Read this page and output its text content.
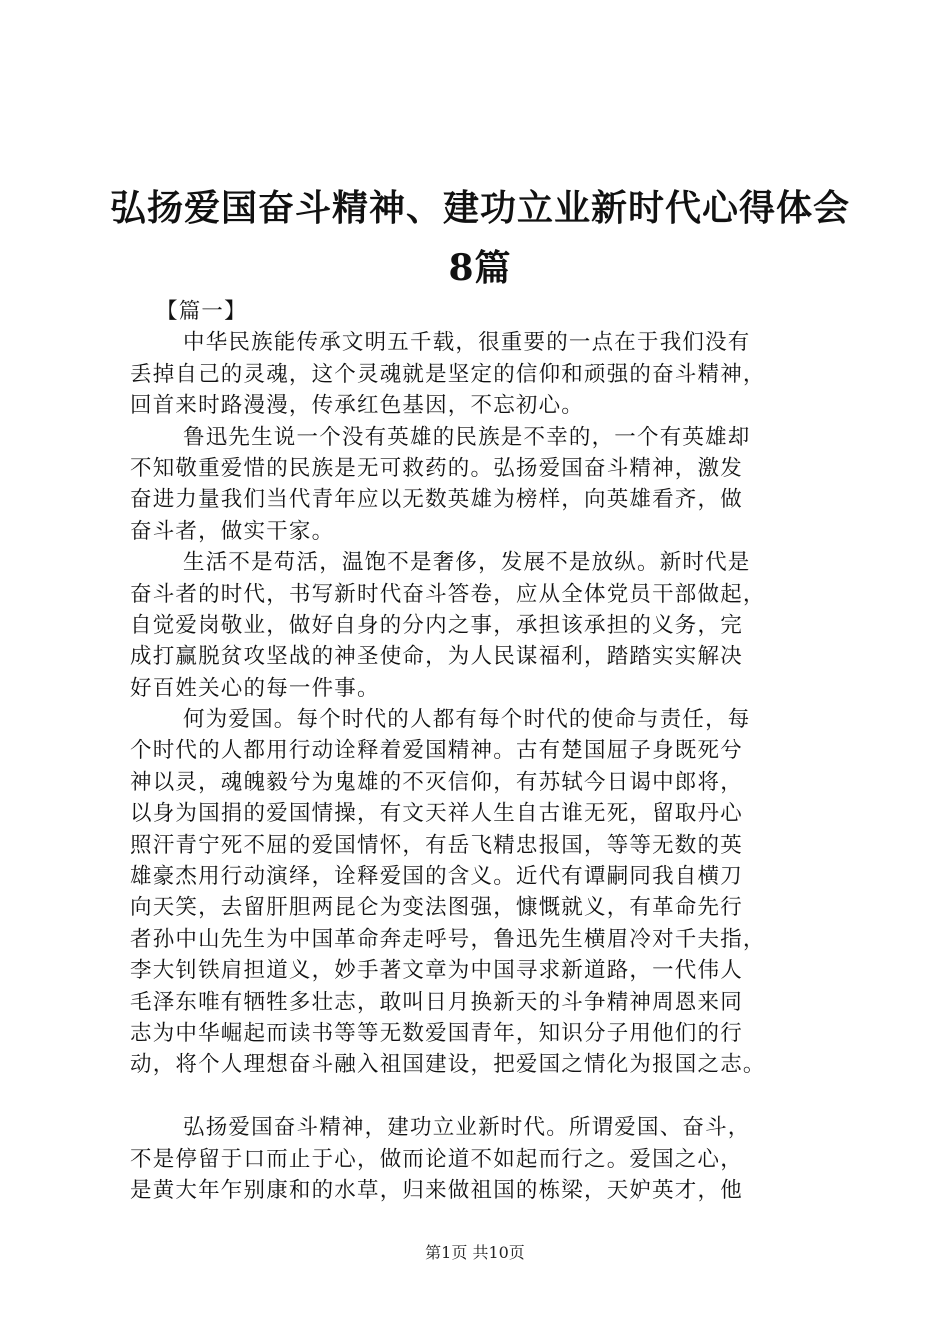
弘扬爱国奋斗精神、建功立业新时代心得体会
8篇
【篇一】
中华民族能传承文明五千载，很重要的一点在于我们没有
丢掉自己的灵魂，这个灵魂就是坚定的信仰和顽强的奋斗精神，
回首来时路漫漫，传承红色基因，不忘初心。
鲁迅先生说一个没有英雄的民族是不幸的，一个有英雄却
不知敬重爱惜的民族是无可救药的。弘扬爱国奋斗精神，激发
奋进力量我们当代青年应以无数英雄为榜样，向英雄看齐，做
奋斗者，做实干家。
生活不是苟活，温饱不是奢侈，发展不是放纵。新时代是
奋斗者的时代，书写新时代奋斗答卷，应从全体党员干部做起，
自觉爱岗敬业，做好自身的分内之事，承担该承担的义务，完
成打赢脱贫攻坚战的神圣使命，为人民谋福利，踏踏实实解决
好百姓关心的每一件事。
何为爱国。每个时代的人都有每个时代的使命与责任，每
个时代的人都用行动诠释着爱国精神。古有楚国屈子身既死兮
神以灵，魂魄毅兮为鬼雄的不灭信仰，有苏轼今日谒中郎将，
以身为国捐的爱国情操，有文天祥人生自古谁无死，留取丹心
照汗青宁死不屈的爱国情怀，有岳飞精忠报国，等等无数的英
雄豪杰用行动演绎，诠释爱国的含义。近代有谭嗣同我自横刀
向天笑，去留肝胆两昆仑为变法图强，慷慨就义，有革命先行
者孙中山先生为中国革命奔走呼号，鲁迅先生横眉冷对千夫指，
李大钊铁肩担道义，妙手著文章为中国寻求新道路，一代伟人
毛泽东唯有牺牲多壮志，敢叫日月换新天的斗争精神周恩来同
志为中华崛起而读书等等无数爱国青年，知识分子用他们的行
动，将个人理想奋斗融入祖国建设，把爱国之情化为报国之志。
弘扬爱国奋斗精神，建功立业新时代。所谓爱国、奋斗，
不是停留于口而止于心，做而论道不如起而行之。爱国之心，
是黄大年乍别康和的水草，归来做祖国的栋梁，天妒英才，他
第1页 共10页
